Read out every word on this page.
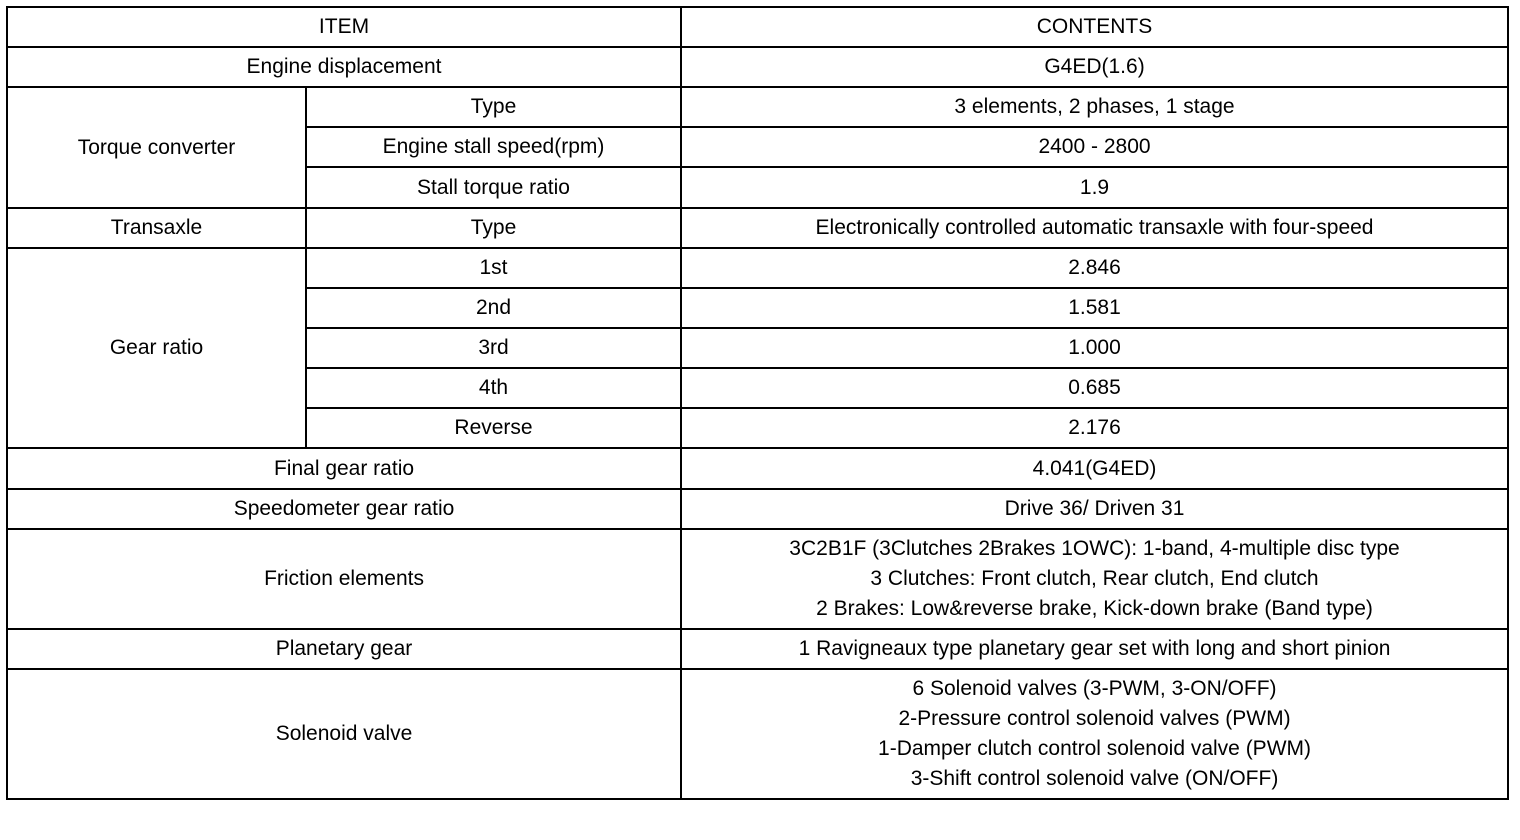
ITEM		CONTENTS
Engine displacement		G4ED(1.6)
Torque converter	Type	3 elements, 2 phases, 1 stage
	Engine stall speed(rpm)	2400 - 2800
	Stall torque ratio	1.9
Transaxle	Type	Electronically controlled automatic transaxle with four-speed
Gear ratio	1st	2.846
	2nd	1.581
	3rd	1.000
	4th	0.685
	Reverse	2.176
Final gear ratio		4.041(G4ED)
Speedometer gear ratio		Drive 36/ Driven 31
Friction elements		3C2B1F (3Clutches 2Brakes 1OWC): 1-band, 4-multiple disc type
3 Clutches: Front clutch, Rear clutch, End clutch
2 Brakes: Low&reverse brake, Kick-down brake (Band type)

Planetary gear		1 Ravigneaux type planetary gear set with long and short pinion
Solenoid valve		6 Solenoid valves (3-PWM, 3-ON/OFF)
2-Pressure control solenoid valves (PWM)
1-Damper clutch control solenoid valve (PWM)
3-Shift control solenoid valve (ON/OFF)
